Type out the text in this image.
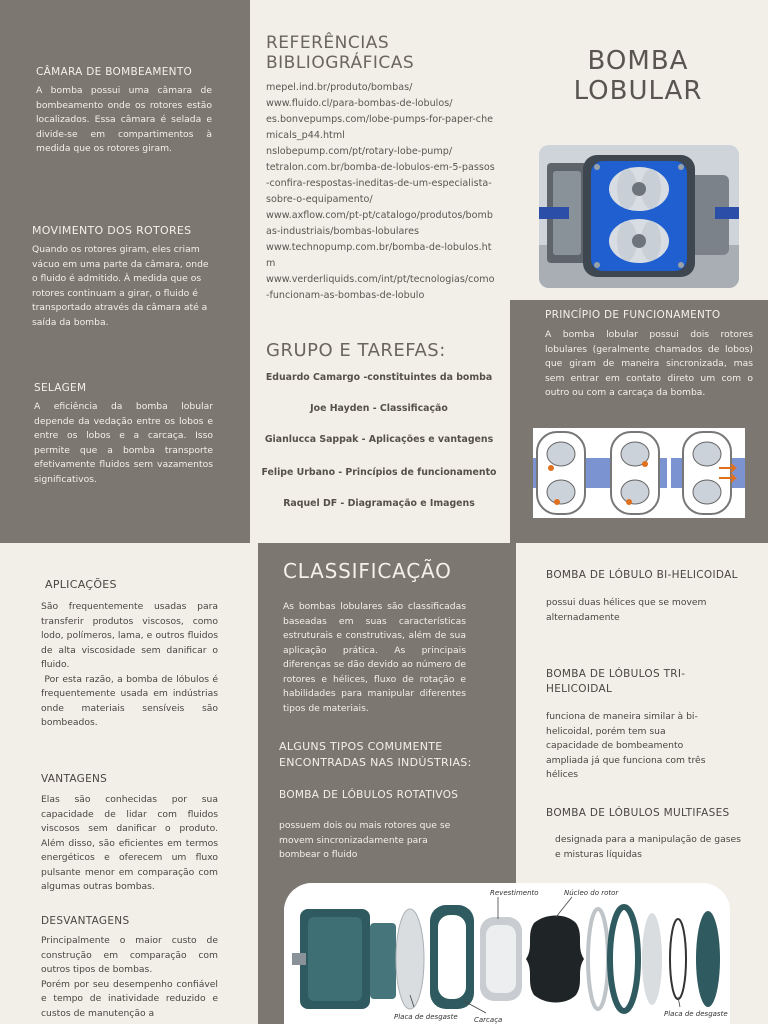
CÂMARA DE BOMBEAMENTO
A bomba possui uma câmara de bombeamento onde os rotores estão localizados. Essa câmara é selada e divide-se em compartimentos à medida que os rotores giram.
MOVIMENTO DOS ROTORES
Quando os rotores giram, eles criam vácuo em uma parte da câmara, onde o fluido é admitido. À medida que os rotores continuam a girar, o fluido é transportado através da câmara até a saída da bomba.
SELAGEM
A eficiência da bomba lobular depende da vedação entre os lobos e entre os lobos e a carcaça. Isso permite que a bomba transporte efetivamente fluidos sem vazamentos significativos.
REFERÊNCIAS BIBLIOGRÁFICAS
mepel.ind.br/produto/bombas/
www.fluido.cl/para-bombas-de-lobulos/
es.bonvepumps.com/lobe-pumps-for-paper-chemicals_p44.html
nslobepump.com/pt/rotary-lobe-pump/
tetralon.com.br/bomba-de-lobulos-em-5-passos-confira-respostas-ineditas-de-um-especialista-sobre-o-equipamento/
www.axflow.com/pt-pt/catalogo/produtos/bombas-industriais/bombas-lobulares
www.technopump.com.br/bomba-de-lobulos.htm
www.verderliquids.com/int/pt/tecnologias/como-funcionam-as-bombas-de-lobulo
GRUPO E TAREFAS:
Eduardo Camargo -constituintes da bomba
Joe Hayden - Classificação
Gianlucca Sappak - Aplicações e vantagens
Felipe Urbano - Princípios de funcionamento
Raquel DF - Diagramação e Imagens
BOMBA
LOBULAR
PRINCÍPIO DE FUNCIONAMENTO
A bomba lobular possui dois rotores lobulares (geralmente chamados de lobos) que giram de maneira sincronizada, mas sem entrar em contato direto um com o outro ou com a carcaça da bomba.
APLICAÇÕES
São frequentemente usadas para transferir produtos viscosos, como lodo, polímeros, lama, e outros fluidos de alta viscosidade sem danificar o fluido.
Por esta razão, a bomba de lóbulos é frequentemente usada em indústrias onde materiais sensíveis são bombeados.
VANTAGENS
Elas são conhecidas por sua capacidade de lidar com fluidos viscosos sem danificar o produto. Além disso, são eficientes em termos energéticos e oferecem um fluxo pulsante menor em comparação com algumas outras bombas.
DESVANTAGENS
Principalmente o maior custo de construção em comparação com outros tipos de bombas.
Porém por seu desempenho confiável e tempo de inatividade reduzido e custos de manutenção a
CLASSIFICAÇÃO
As bombas lobulares são classificadas baseadas em suas características estruturais e construtivas, além de sua aplicação prática. As principais diferenças se dão devido ao número de rotores e hélices, fluxo de rotação e habilidades para manipular diferentes tipos de materiais.
ALGUNS TIPOS COMUMENTE ENCONTRADAS NAS INDÚSTRIAS:
BOMBA DE LÓBULOS ROTATIVOS
possuem dois ou mais rotores que se movem sincronizadamente para bombear o fluido
BOMBA DE LÓBULO BI-HELICOIDAL
possui duas hélices que se movem alternadamente
BOMBA DE LÓBULOS TRI-HELICOIDAL
funciona de maneira similar à bi-helicoidal, porém tem sua capacidade de bombeamento ampliada já que funciona com três hélices
BOMBA DE LÓBULOS MULTIFASES
designada para a manipulação de gases e misturas líquidas
Revestimento	Núcleo do rotor
Placa de desgaste Carcaça
Placa de desgaste
